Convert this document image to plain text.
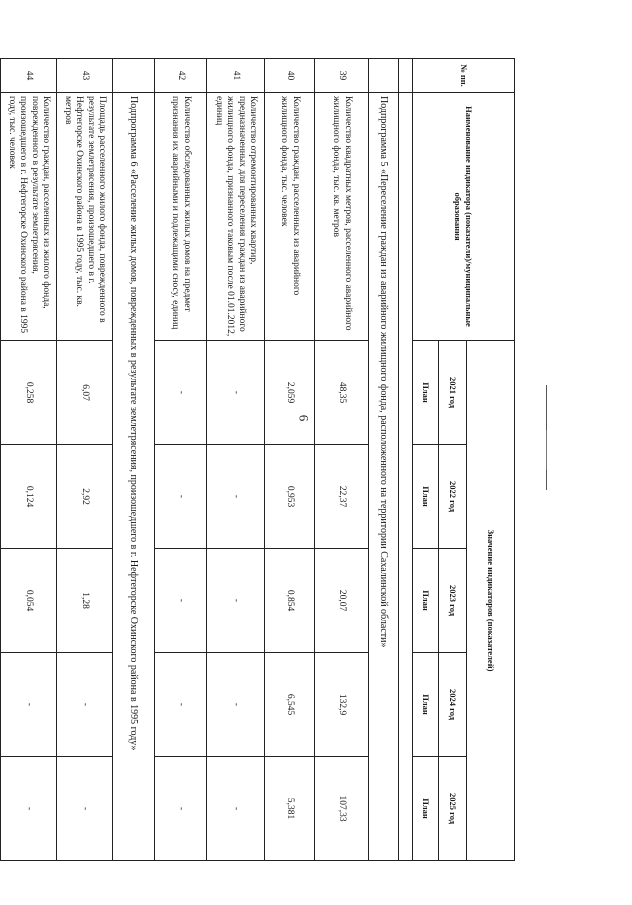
6
№ пп.	Наименование индикатора (показатели)/муниципальные образования	Значение индикаторов (показателей)				
		2021 год	2022 год	2023 год	2024 год	2025 год
		План	План	План	План	План

	Подпрограмма 5 «Переселение граждан из аварийного жилищного фонда, расположенного на территории Сахалинской области»					
39	Количество квадратных метров, расселенного аварийного жилищного фонда, тыс. кв. метров	48,35	22,37	20,07	132,9	107,33
40	Количество граждан, расселенных из аварийного жилищного фонда, тыс. человек	2,059	0,953	0,854	6,545	5,381
41	Количество отремонтированных квартир, предназначенных для переселения граждан из аварийного жилищного фонда, признанного таковым после 01.01.2012, единиц	-	-	-	-	-
42	Количество обследованных жилых домов на предмет признания их аварийными и подлежащими сносу, единиц	-	-	-	-	-
	Подпрограмма 6 «Расселение жилых домов, поврежденных в результате землетрясения, произошедшего в г. Нефтегорске Охинского района в 1995 году»					
43	Площадь расселенного жилого фонда, поврежденного в результате землетрясения, произошедшего в г. Нефтегорске Охинского района в 1995 году, тыс. кв. метров	6,07	2,92	1,28	-	-
44	Количество граждан, расселенных из жилого фонда, поврежденного в результате землетрясения, произошедшего в г. Нефтегорске Охинского района в 1995 году, тыс. человек	0,258	0,124	0,054	-	-
